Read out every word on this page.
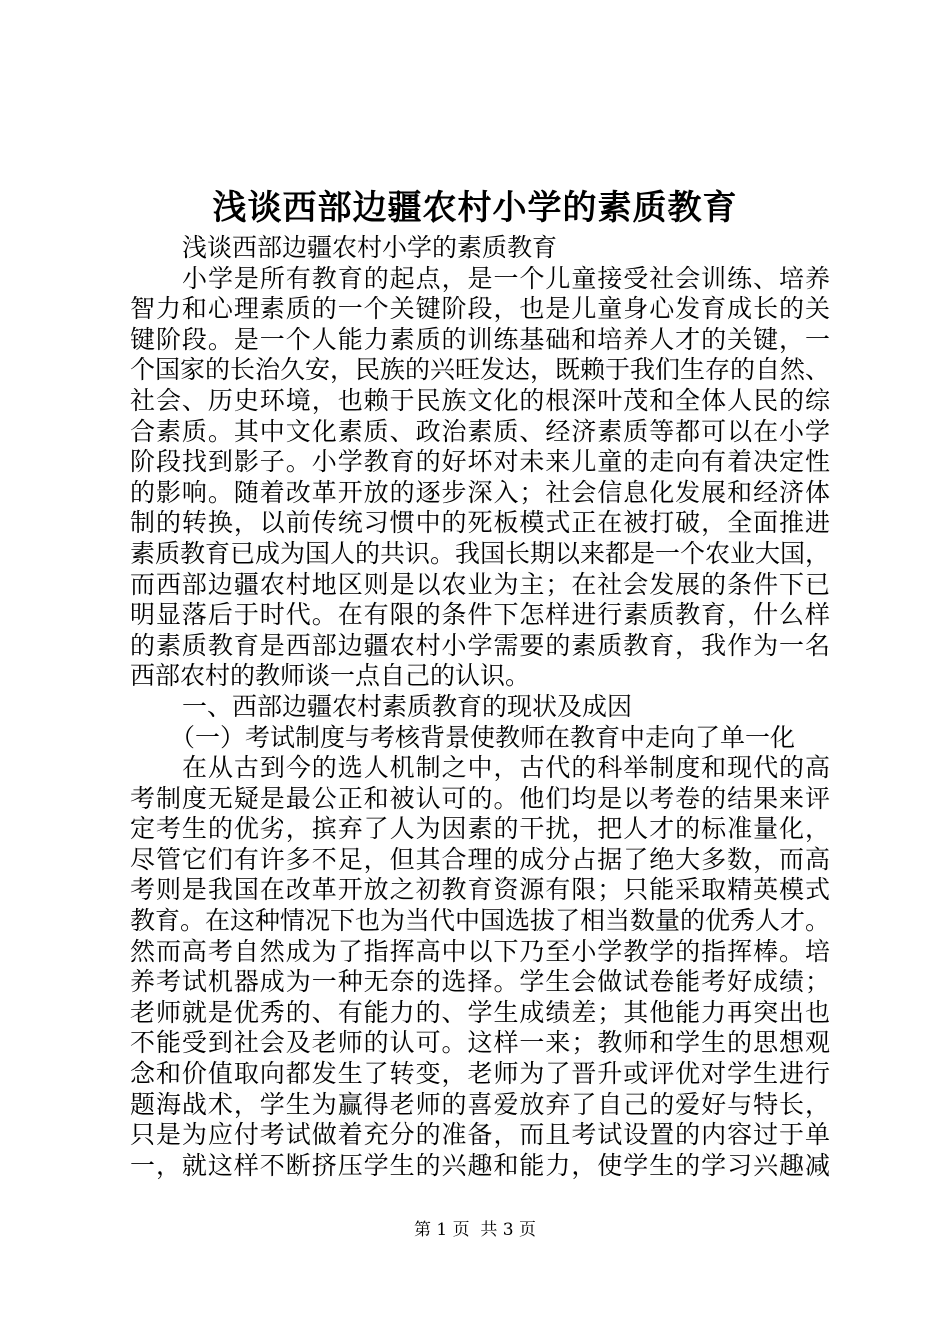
浅谈西部边疆农村小学的素质教育
浅谈西部边疆农村小学的素质教育
小学是所有教育的起点，是一个儿童接受社会训练、培养
智力和心理素质的一个关键阶段，也是儿童身心发育成长的关
键阶段。是一个人能力素质的训练基础和培养人才的关键，一
个国家的长治久安，民族的兴旺发达，既赖于我们生存的自然、
社会、历史环境，也赖于民族文化的根深叶茂和全体人民的综
合素质。其中文化素质、政治素质、经济素质等都可以在小学
阶段找到影子。小学教育的好坏对未来儿童的走向有着决定性
的影响。随着改革开放的逐步深入；社会信息化发展和经济体
制的转换，以前传统习惯中的死板模式正在被打破，全面推进
素质教育已成为国人的共识。我国长期以来都是一个农业大国，
而西部边疆农村地区则是以农业为主；在社会发展的条件下已
明显落后于时代。在有限的条件下怎样进行素质教育，什么样
的素质教育是西部边疆农村小学需要的素质教育，我作为一名
西部农村的教师谈一点自己的认识。
一、西部边疆农村素质教育的现状及成因
（一）考试制度与考核背景使教师在教育中走向了单一化
在从古到今的选人机制之中，古代的科举制度和现代的高
考制度无疑是最公正和被认可的。他们均是以考卷的结果来评
定考生的优劣，摈弃了人为因素的干扰，把人才的标准量化，
尽管它们有许多不足，但其合理的成分占据了绝大多数，而高
考则是我国在改革开放之初教育资源有限；只能采取精英模式
教育。在这种情况下也为当代中国选拔了相当数量的优秀人才。
然而高考自然成为了指挥高中以下乃至小学教学的指挥棒。培
养考试机器成为一种无奈的选择。学生会做试卷能考好成绩；
老师就是优秀的、有能力的、学生成绩差；其他能力再突出也
不能受到社会及老师的认可。这样一来；教师和学生的思想观
念和价值取向都发生了转变，老师为了晋升或评优对学生进行
题海战术，学生为赢得老师的喜爱放弃了自己的爱好与特长，
只是为应付考试做着充分的准备，而且考试设置的内容过于单
一，就这样不断挤压学生的兴趣和能力，使学生的学习兴趣减
第 1 页  共 3 页
